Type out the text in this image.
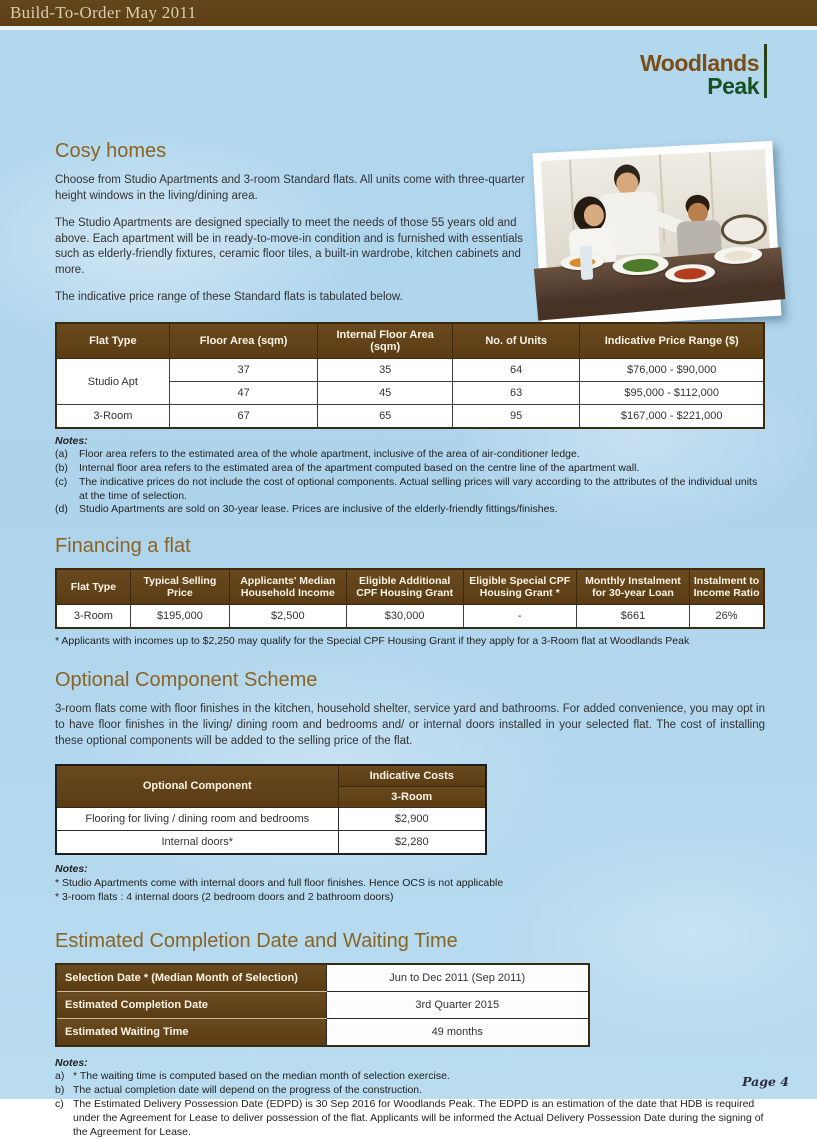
Build-To-Order May 2011
Woodlands
Peak
Cosy homes

Choose from Studio Apartments and 3-room Standard flats. All units come with three-quarter height windows in the living/dining area.

The Studio Apartments are designed specially to meet the needs of those 55 years old and above. Each apartment will be in ready-to-move-in condition and is furnished with essentials such as elderly-friendly fixtures, ceramic floor tiles, a built-in wardrobe, kitchen cabinets and more.

The indicative price range of these Standard flats is tabulated below.

Flat Type	Floor Area (sqm)	Internal Floor Area (sqm)	No. of Units	Indicative Price Range ($)
Studio Apt	37	35	64	$76,000 - $90,000
	47	45	63	$95,000 - $112,000
3-Room	67	65	95	$167,000 - $221,000
Notes:
(a)	Floor area refers to the estimated area of the whole apartment, inclusive of the area of air-conditioner ledge.
(b)	Internal floor area refers to the estimated area of the apartment computed based on the centre line of the apartment wall.
(c)	The indicative prices do not include the cost of optional components. Actual selling prices will vary according to the attributes of the individual units at the time of selection.
(d)	Studio Apartments are sold on 30-year lease. Prices are inclusive of the elderly-friendly fittings/finishes.
Financing a flat
Flat Type	Typical Selling Price	Applicants' Median Household Income	Eligible Additional CPF Housing Grant	Eligible Special CPF Housing Grant *	Monthly Instalment for 30-year Loan	Instalment to Income Ratio
3-Room	$195,000	$2,500	$30,000	-	$661	26%
* Applicants with incomes up to $2,250 may qualify for the Special CPF Housing Grant if they apply for a 3-Room flat at Woodlands Peak
Optional Component Scheme

3-room flats come with floor finishes in the kitchen, household shelter, service yard and bathrooms. For added convenience, you may opt in to have floor finishes in the living/ dining room and bedrooms and/ or internal doors installed in your selected flat. The cost of installing these optional components will be added to the selling price of the flat.

Optional Component	Indicative Costs
	3-Room
Flooring for living / dining room and bedrooms	$2,900
Internal doors*	$2,280
Notes:
* Studio Apartments come with internal doors and full floor finishes. Hence OCS is not applicable
* 3-room flats : 4 internal doors (2 bedroom doors and 2 bathroom doors)
Estimated Completion Date and Waiting Time
Selection Date * (Median Month of Selection)	Jun to Dec 2011 (Sep 2011)
Estimated Completion Date	3rd Quarter 2015
Estimated Waiting Time	49 months
Notes:
a) * The waiting time is computed based on the median month of selection exercise.
b) The actual completion date will depend on the progress of the construction.
c) The Estimated Delivery Possession Date (EDPD) is 30 Sep 2016 for Woodlands Peak. The EDPD is an estimation of the date that HDB is required under the Agreement for Lease to deliver possession of the flat. Applicants will be informed the Actual Delivery Possession Date during the signing of the Agreement for Lease.
Page 4
